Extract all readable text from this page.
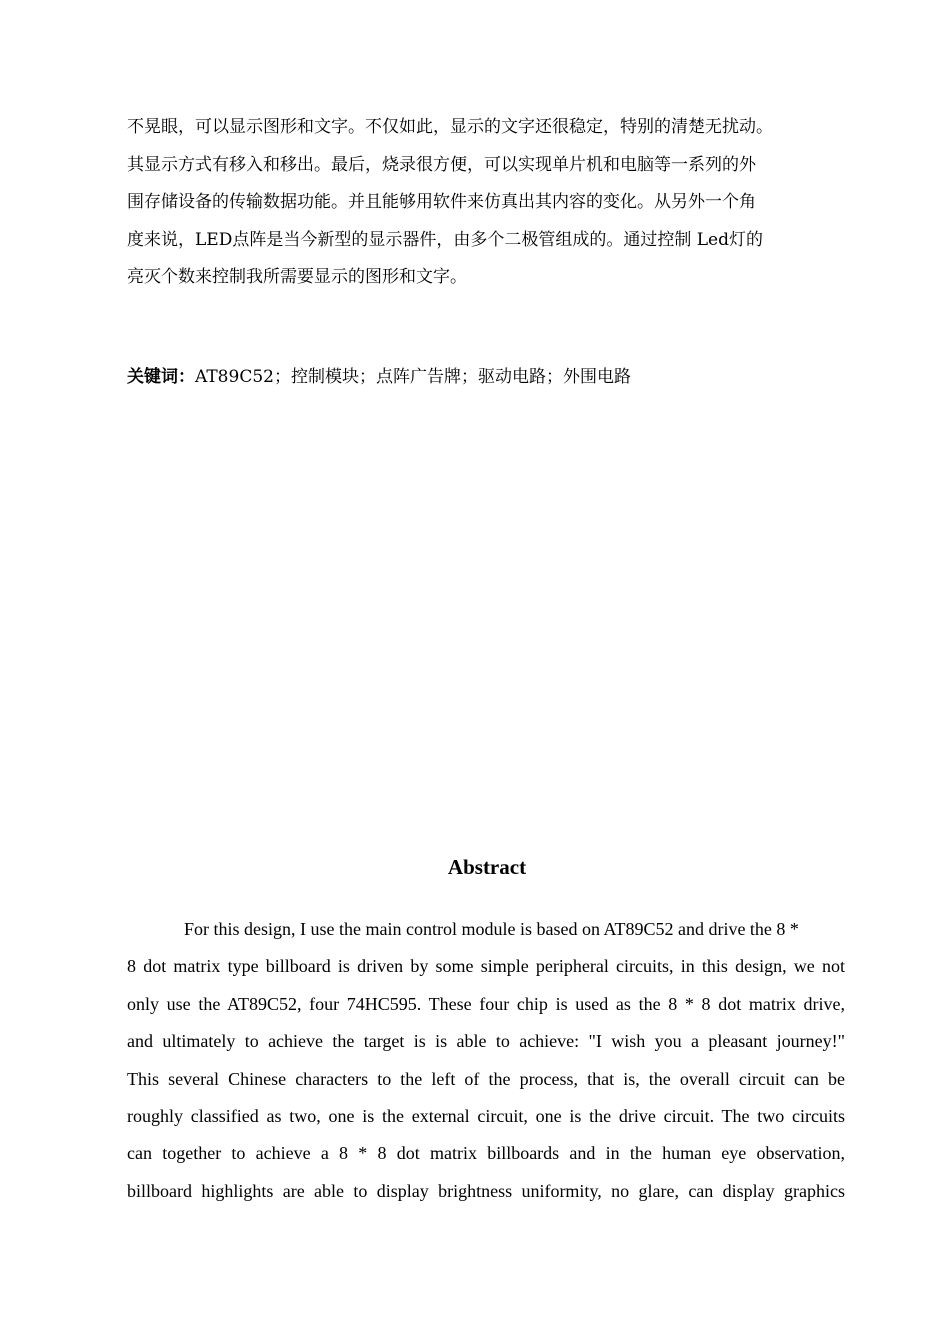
不晃眼，可以显示图形和文字。不仅如此，显示的文字还很稳定，特别的清楚无扰动。
其显示方式有移入和移出。最后，烧录很方便，可以实现单片机和电脑等一系列的外
围存储设备的传输数据功能。并且能够用软件来仿真出其内容的变化。从另外一个角
度来说，LED点阵是当今新型的显示器件，由多个二极管组成的。通过控制 Led灯的
亮灭个数来控制我所需要显示的图形和文字。
关键词：AT89C52；控制模块；点阵广告牌；驱动电路；外围电路
Abstract
For this design, I use the main control module is based on AT89C52 and drive the 8 *
8 dot matrix type billboard is driven by some simple peripheral circuits, in this design, we not
only use the AT89C52, four 74HC595. These four chip is used as the 8 * 8 dot matrix drive,
and ultimately to achieve the target is is able to achieve: "I wish you a pleasant journey!"
This several Chinese characters to the left of the process, that is, the overall circuit can be
roughly classified as two, one is the external circuit, one is the drive circuit. The two circuits
can together to achieve a 8 * 8 dot matrix billboards and in the human eye observation,
billboard highlights are able to display brightness uniformity, no glare, can display graphics
